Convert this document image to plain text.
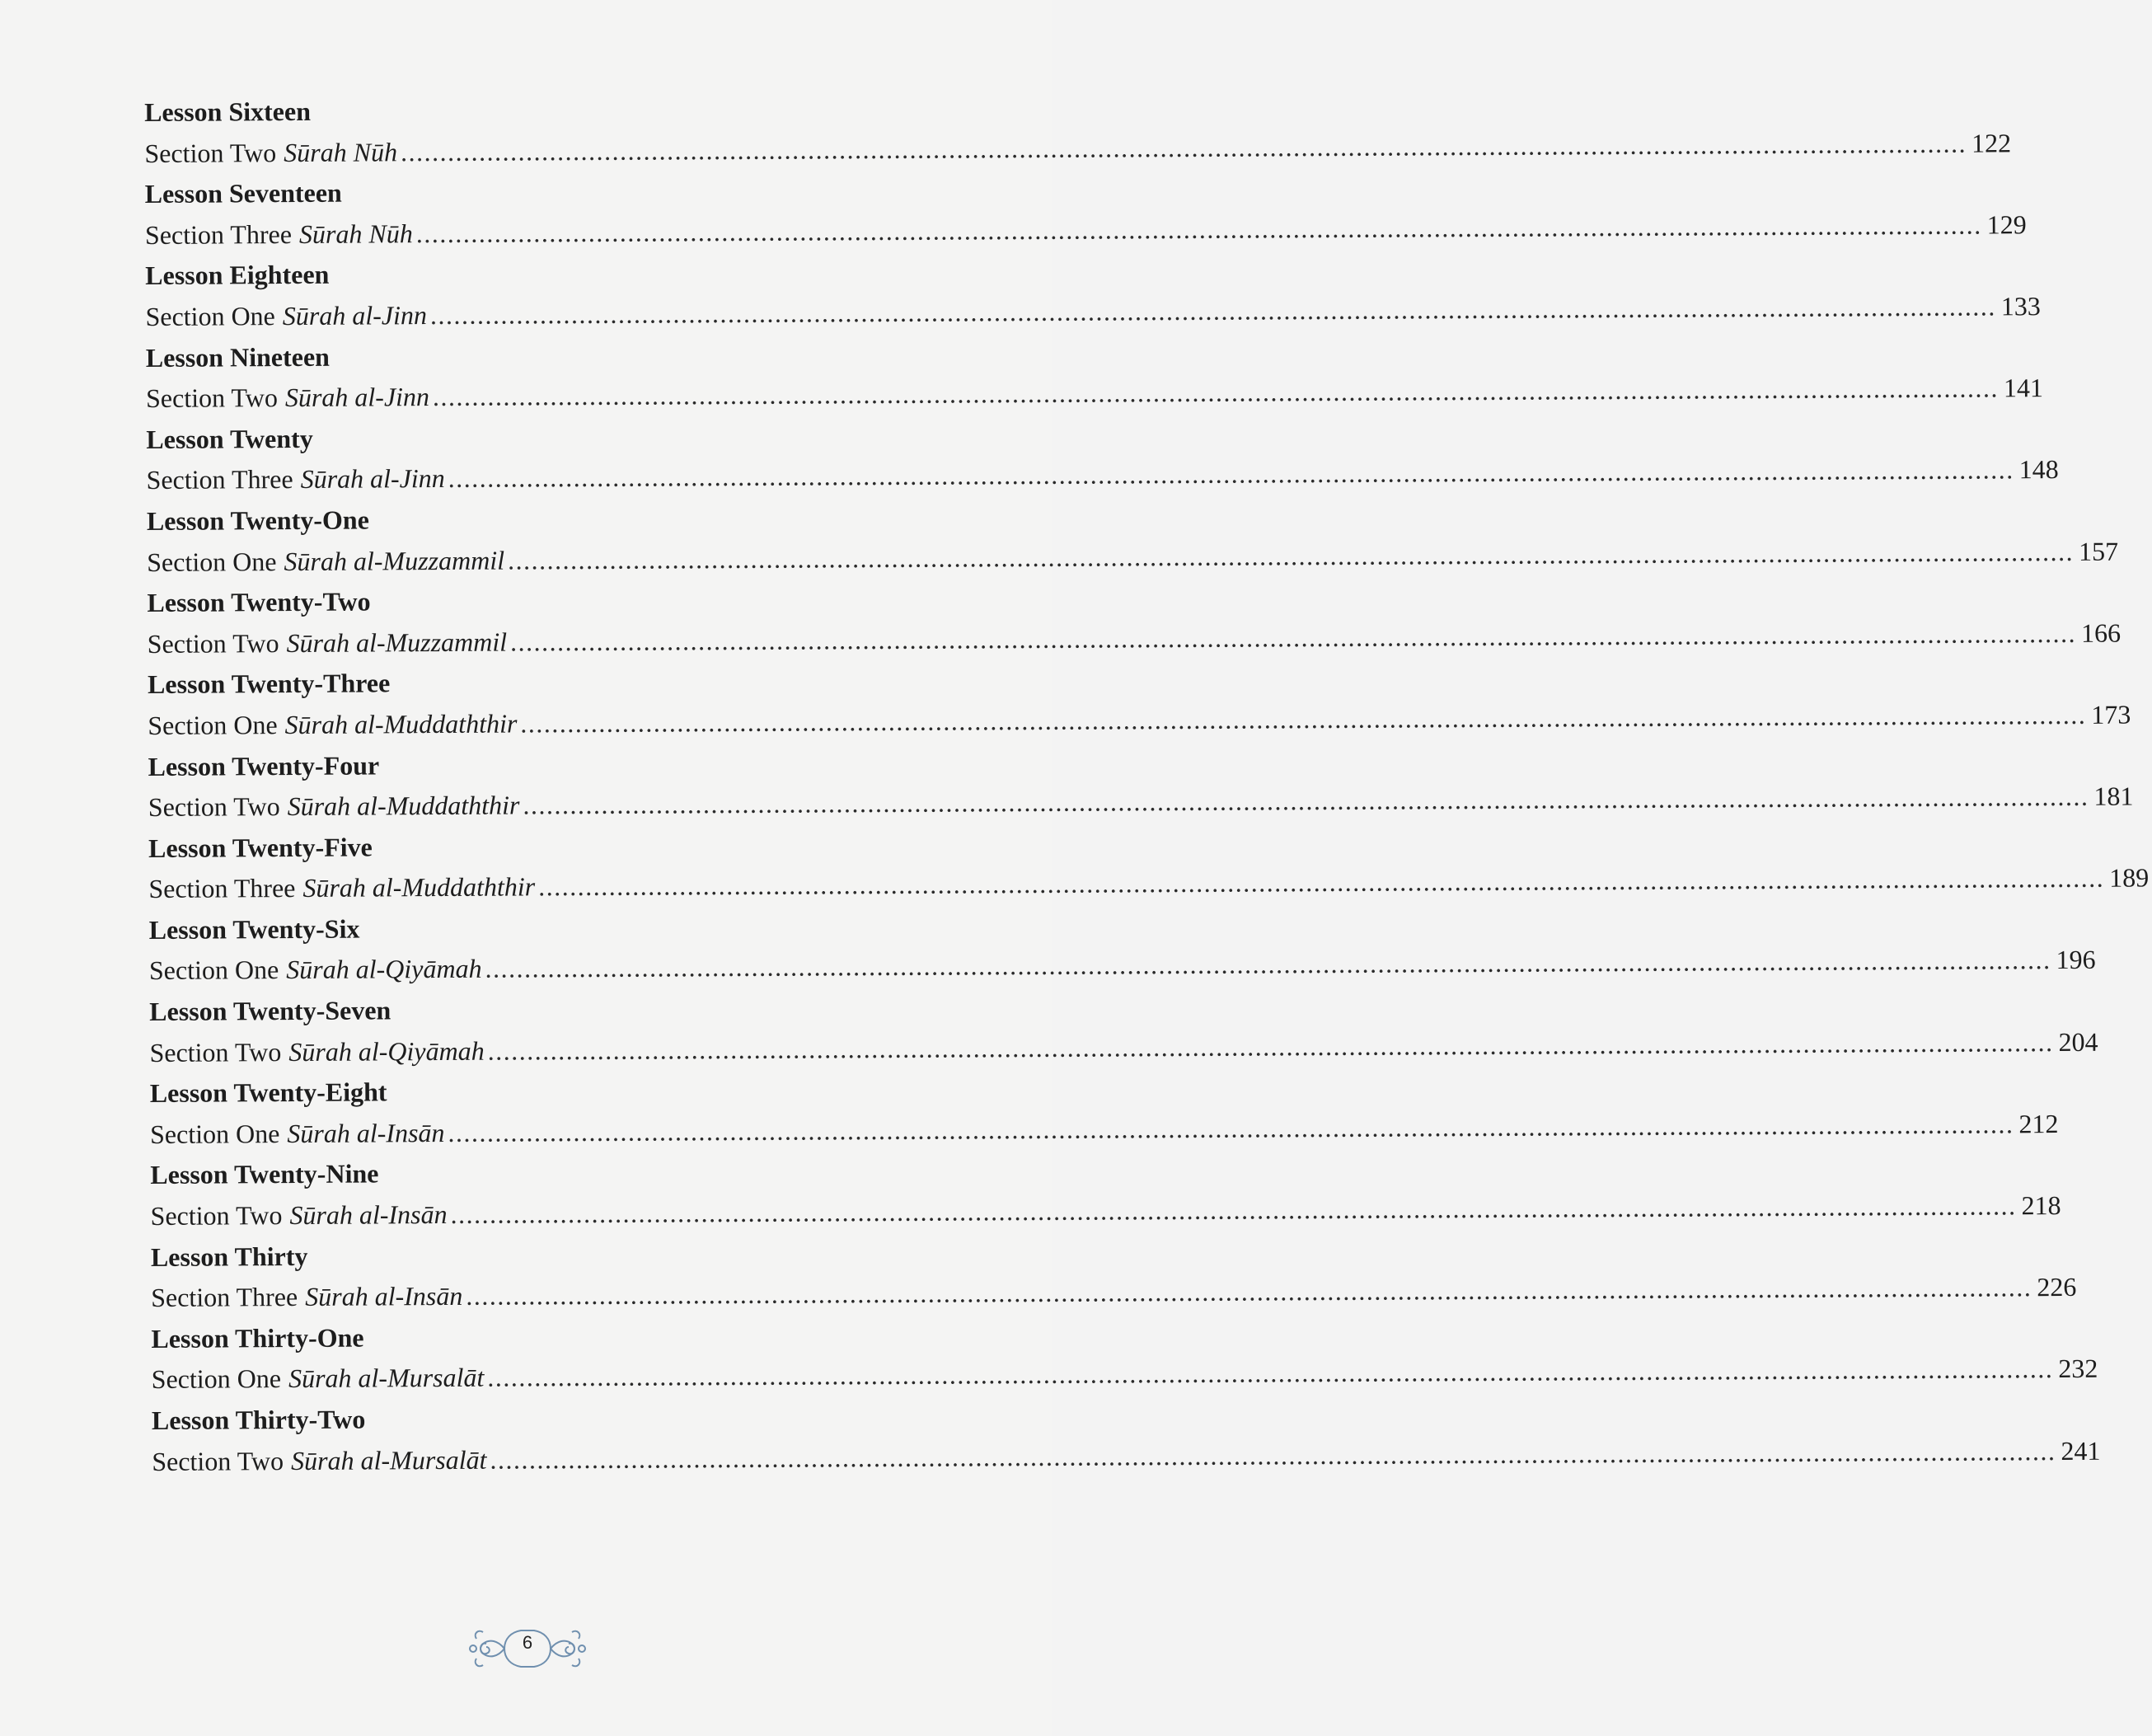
Lesson Sixteen
Section Two Sūrah Nūh ........................................................................................................................................................................................................ 122
Lesson Seventeen
Section Three Sūrah Nūh ........................................................................................................................................................................................................ 129
Lesson Eighteen
Section One Sūrah al-Jinn ........................................................................................................................................................................................................ 133
Lesson Nineteen
Section Two Sūrah al-Jinn ........................................................................................................................................................................................................ 141
Lesson Twenty
Section Three Sūrah al-Jinn ........................................................................................................................................................................................................ 148
Lesson Twenty-One
Section One Sūrah al-Muzzammil ........................................................................................................................................................................................................ 157
Lesson Twenty-Two
Section Two Sūrah al-Muzzammil ........................................................................................................................................................................................................ 166
Lesson Twenty-Three
Section One Sūrah al-Muddaththir ........................................................................................................................................................................................................ 173
Lesson Twenty-Four
Section Two Sūrah al-Muddaththir ........................................................................................................................................................................................................ 181
Lesson Twenty-Five
Section Three Sūrah al-Muddaththir ........................................................................................................................................................................................................ 189
Lesson Twenty-Six
Section One Sūrah al-Qiyāmah ........................................................................................................................................................................................................ 196
Lesson Twenty-Seven
Section Two Sūrah al-Qiyāmah ........................................................................................................................................................................................................ 204
Lesson Twenty-Eight
Section One Sūrah al-Insān ........................................................................................................................................................................................................ 212
Lesson Twenty-Nine
Section Two Sūrah al-Insān ........................................................................................................................................................................................................ 218
Lesson Thirty
Section Three Sūrah al-Insān ........................................................................................................................................................................................................ 226
Lesson Thirty-One
Section One Sūrah al-Mursalāt ........................................................................................................................................................................................................ 232
Lesson Thirty-Two
Section Two Sūrah al-Mursalāt ........................................................................................................................................................................................................ 241
6
